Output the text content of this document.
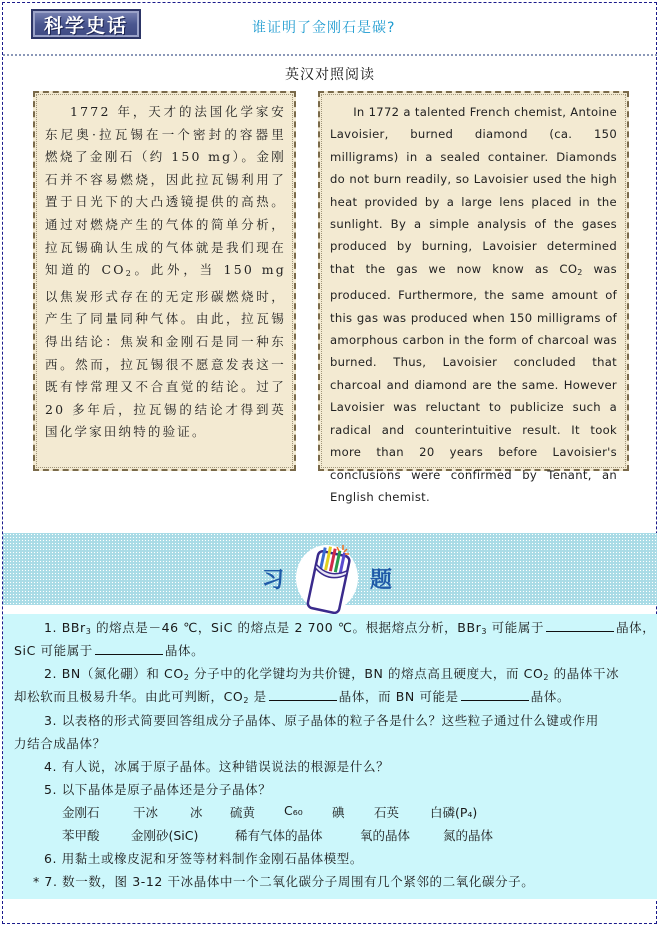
科学史话	谁证明了金刚石是碳?
英汉对照阅读

1772 年，天才的法国化学家安东尼奥·拉瓦锡在一个密封的容器里燃烧了金刚石（约 150 mg）。金刚石并不容易燃烧，因此拉瓦锡利用了置于日光下的大凸透镜提供的高热。通过对燃烧产生的气体的简单分析，拉瓦锡确认生成的气体就是我们现在知道的 $CO_2$。此外，当 150 mg 以焦炭形式存在的无定形碳燃烧时，产生了同量同种气体。由此，拉瓦锡得出结论：焦炭和金刚石是同一种东西。然而，拉瓦锡很不愿意发表这一既有悖常理又不合直觉的结论。过了 20 多年后，拉瓦锡的结论才得到英国化学家田纳特的验证。

In 1772 a talented French chemist, Antoine Lavoisier, burned diamond (ca. 150 milligrams) in a sealed container. Diamonds do not burn readily, so Lavoisier used the high heat provided by a large lens placed in the sunlight. By a simple analysis of the gases produced by burning, Lavoisier determined that the gas we now know as $CO_2$ was produced. Furthermore, the same amount of this gas was produced when 150 milligrams of amorphous carbon in the form of charcoal was burned. Thus, Lavoisier concluded that charcoal and diamond are the same. However Lavoisier was reluctant to publicize such a radical and counterintuitive result. It took more than 20 years before Lavoisier's conclusions were confirmed by Tenant, an English chemist.

习	题
1. BBr$_3$ 的熔点是－46 ℃，SiC 的熔点是 2 700 ℃。根据熔点分析，BBr$_3$ 可能属于	晶体，
SiC 可能属于	晶体。
2. BN（氮化硼）和 $CO_2$ 分子中的化学键均为共价键，BN 的熔点高且硬度大，而 $CO_2$ 的晶体干冰
却松软而且极易升华。由此可判断，$CO_2$ 是	晶体，而 BN 可能是	晶体。
3. 以表格的形式简要回答组成分子晶体、原子晶体的粒子各是什么？这些粒子通过什么键或作用
力结合成晶体？
4. 有人说，冰属于原子晶体。这种错误说法的根源是什么？
5. 以下晶体是原子晶体还是分子晶体？
金刚石	干冰	冰 硫黄 C₆₀ 碘 石英 白磷(P₄)
苯甲酸	金刚砂(SiC)	稀有气体的晶体	氧的晶体	氮的晶体
6. 用黏土或橡皮泥和牙签等材料制作金刚石晶体模型。
* 7. 数一数，图 3-12 干冰晶体中一个二氧化碳分子周围有几个紧邻的二氧化碳分子。
